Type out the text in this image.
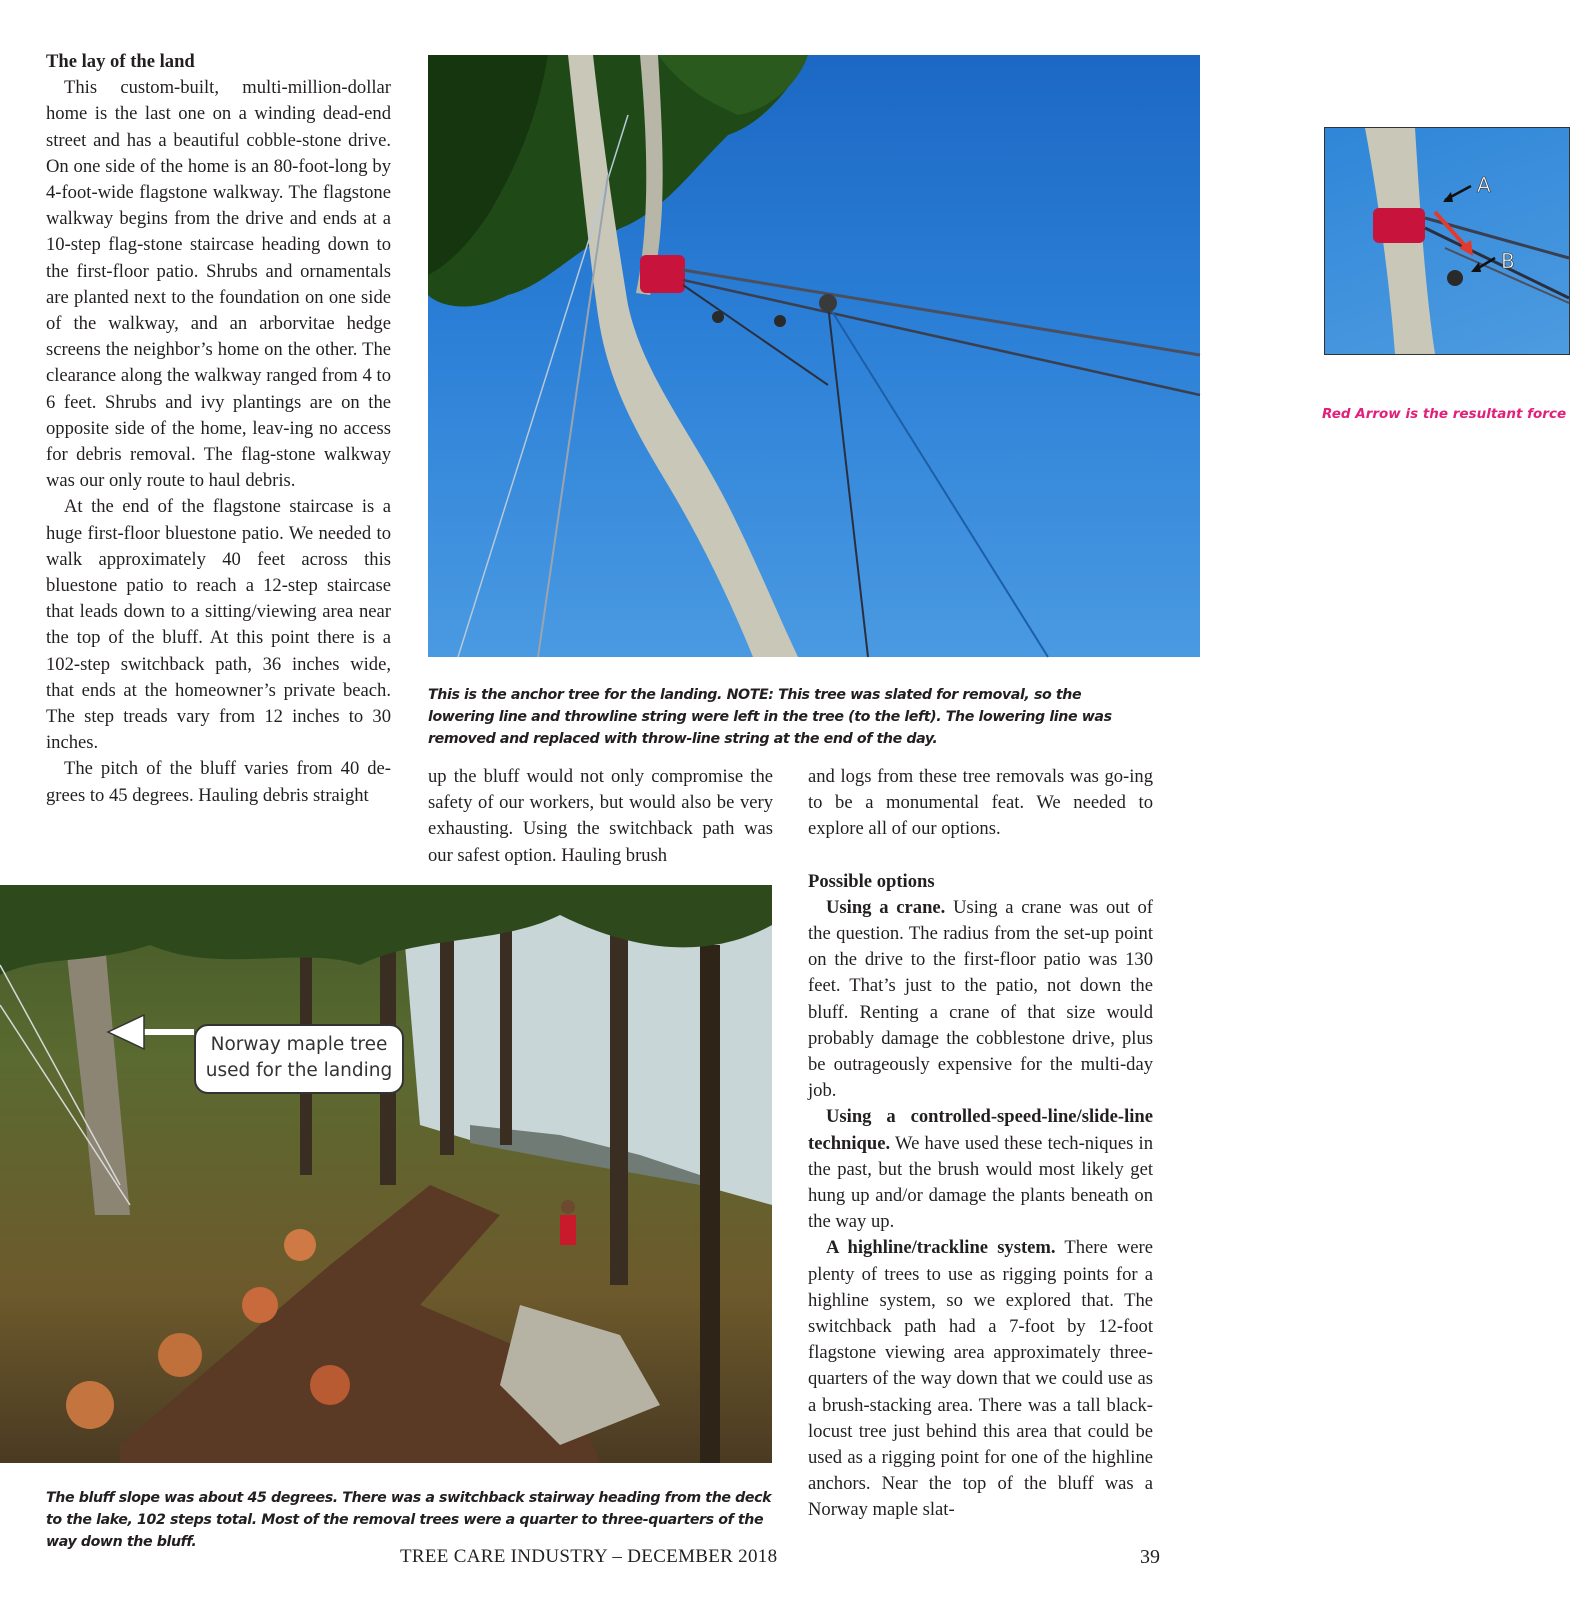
The lay of the land

This custom-built, multi-million-dollar home is the last one on a winding dead-end street and has a beautiful cobble-stone drive. On one side of the home is an 80-foot-long by 4-foot-wide flagstone walkway. The flagstone walkway begins from the drive and ends at a 10-step flag-stone staircase heading down to the first-floor patio. Shrubs and ornamentals are planted next to the foundation on one side of the walkway, and an arborvitae hedge screens the neighbor’s home on the other. The clearance along the walkway ranged from 4 to 6 feet. Shrubs and ivy plantings are on the opposite side of the home, leav-ing no access for debris removal. The flag-stone walkway was our only route to haul debris.

At the end of the flagstone staircase is a huge first-floor bluestone patio. We needed to walk approximately 40 feet across this bluestone patio to reach a 12-step staircase that leads down to a sitting/viewing area near the top of the bluff. At this point there is a 102-step switchback path, 36 inches wide, that ends at the homeowner’s private beach. The step treads vary from 12 inches to 30 inches.

The pitch of the bluff varies from 40 de-grees to 45 degrees. Hauling debris straight

A
B
A = Trackline
B = Haul back/ pull line
Red Arrow is the resultant force
This is the anchor tree for the landing. NOTE: This tree was slated for removal, so the lowering line and throwline string were left in the tree (to the left). The lowering line was removed and replaced with throw-line string at the end of the day.

up the bluff would not only compromise the safety of our workers, but would also be very exhausting. Using the switchback path was our safest option. Hauling brush

and logs from these tree removals was go-ing to be a monumental feat. We needed to explore all of our options.

Possible options

Using a crane. Using a crane was out of the question. The radius from the set-up point on the drive to the first-floor patio was 130 feet. That’s just to the patio, not down the bluff. Renting a crane of that size would probably damage the cobblestone drive, plus be outrageously expensive for the multi-day job.

Using a controlled-speed-line/slide-line technique. We have used these tech-niques in the past, but the brush would most likely get hung up and/or damage the plants beneath on the way up.

A highline/trackline system. There were plenty of trees to use as rigging points for a highline system, so we explored that. The switchback path had a 7-foot by 12-foot flagstone viewing area approximately three-quarters of the way down that we could use as a brush-stacking area. There was a tall black-locust tree just behind this area that could be used as a rigging point for one of the highline anchors. Near the top of the bluff was a Norway maple slat-

Norway maple tree
used for the landing
The bluff slope was about 45 degrees. There was a switchback stairway heading from the deck to the lake, 102 steps total. Most of the removal trees were a quarter to three-quarters of the way down the bluff.
TREE CARE INDUSTRY – DECEMBER 2018	39
